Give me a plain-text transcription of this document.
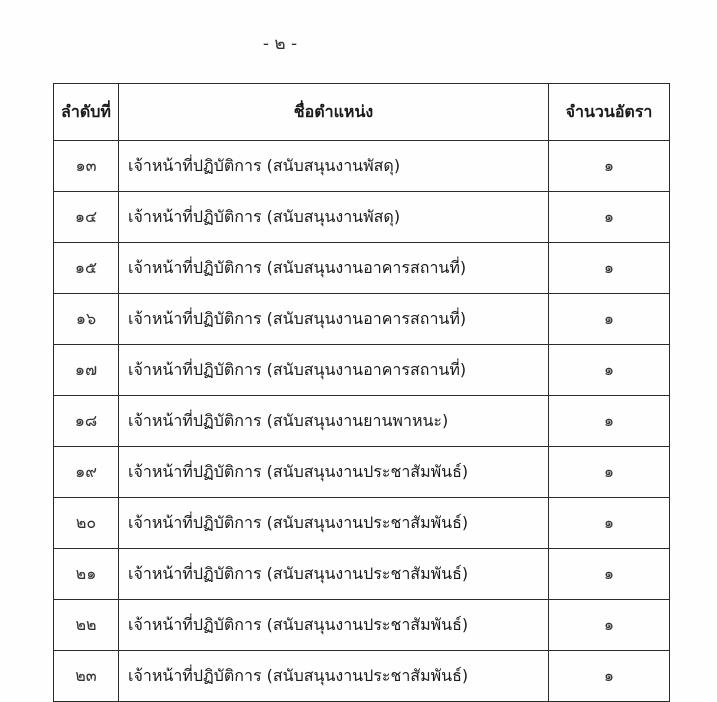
- ๒ -
ลำดับที่	ชื่อตำแหน่ง	จำนวนอัตรา
๑๓	เจ้าหน้าที่ปฏิบัติการ (สนับสนุนงานพัสดุ)	๑
๑๔	เจ้าหน้าที่ปฏิบัติการ (สนับสนุนงานพัสดุ)	๑
๑๕	เจ้าหน้าที่ปฏิบัติการ (สนับสนุนงานอาคารสถานที่)	๑
๑๖	เจ้าหน้าที่ปฏิบัติการ (สนับสนุนงานอาคารสถานที่)	๑
๑๗	เจ้าหน้าที่ปฏิบัติการ (สนับสนุนงานอาคารสถานที่)	๑
๑๘	เจ้าหน้าที่ปฏิบัติการ (สนับสนุนงานยานพาหนะ)	๑
๑๙	เจ้าหน้าที่ปฏิบัติการ (สนับสนุนงานประชาสัมพันธ์)	๑
๒๐	เจ้าหน้าที่ปฏิบัติการ (สนับสนุนงานประชาสัมพันธ์)	๑
๒๑	เจ้าหน้าที่ปฏิบัติการ (สนับสนุนงานประชาสัมพันธ์)	๑
๒๒	เจ้าหน้าที่ปฏิบัติการ (สนับสนุนงานประชาสัมพันธ์)	๑
๒๓	เจ้าหน้าที่ปฏิบัติการ (สนับสนุนงานประชาสัมพันธ์)	๑
